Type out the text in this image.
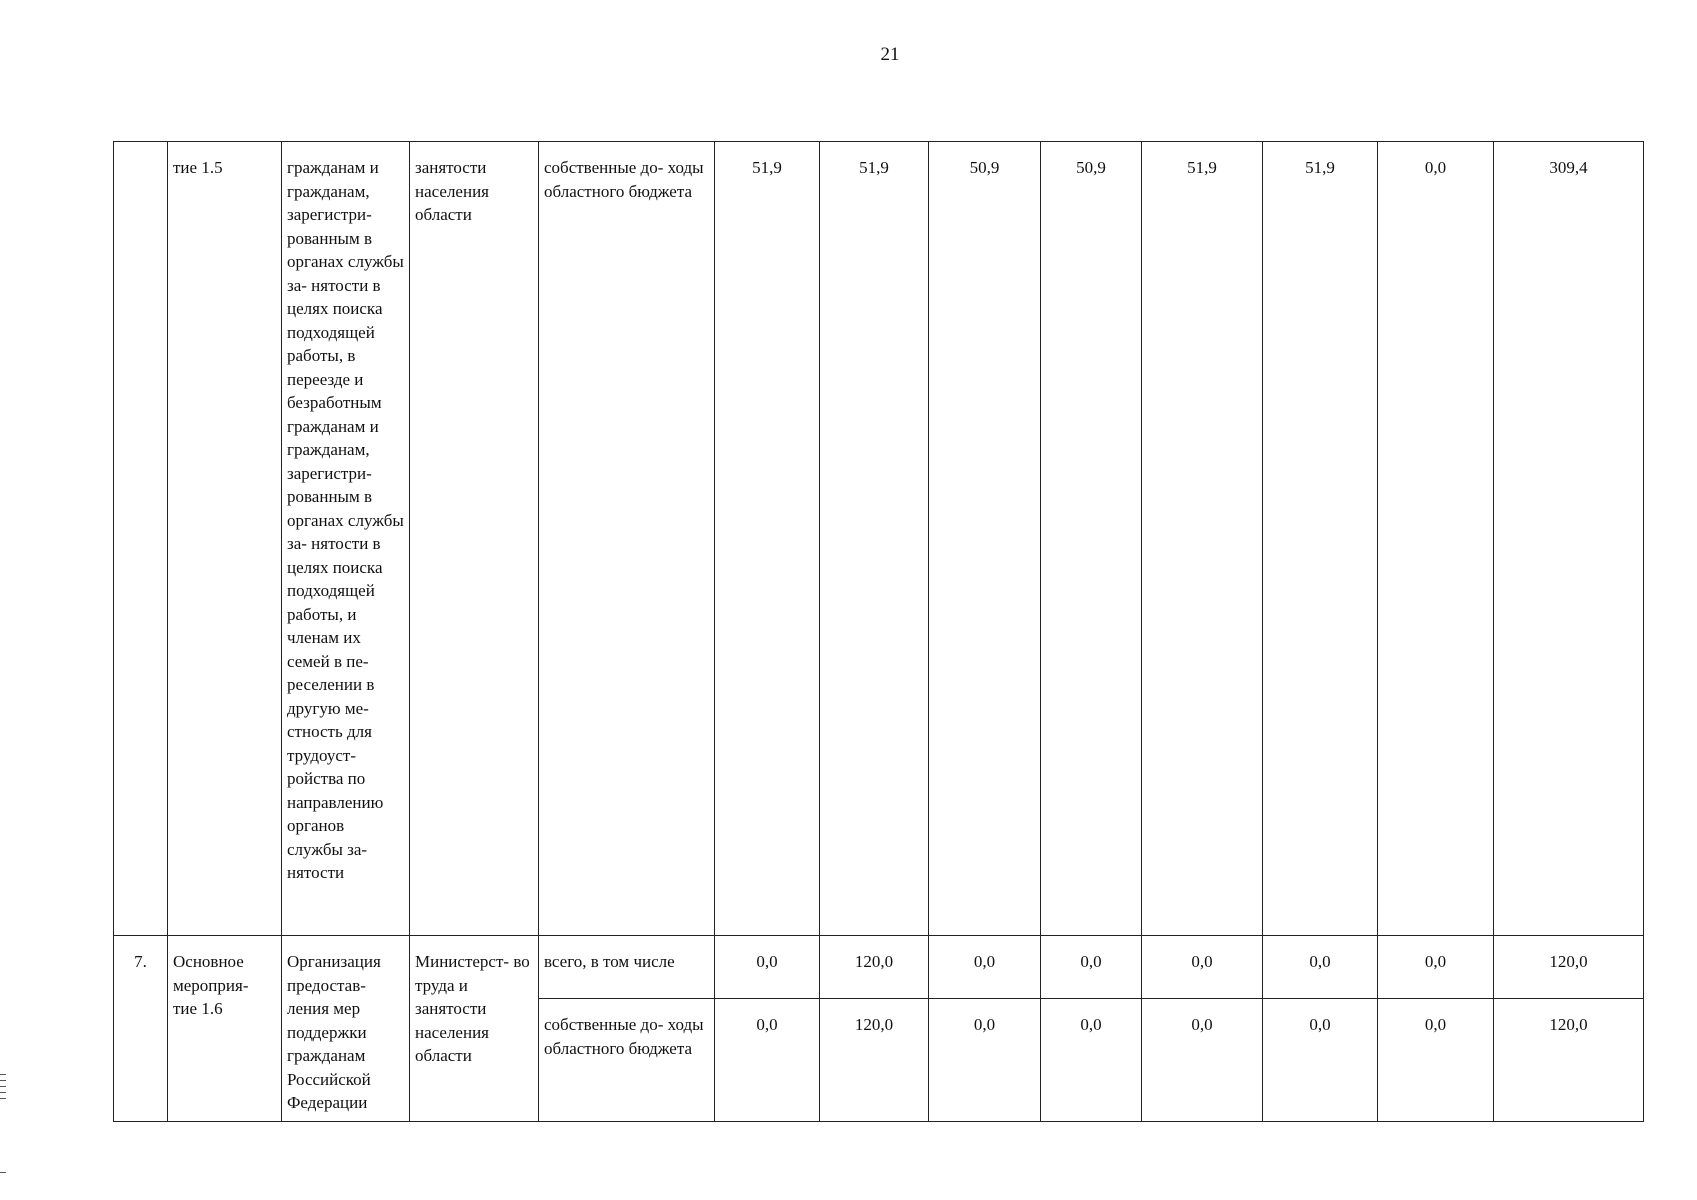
21
	тие 1.5	гражданам и гражданам, зарегистри- рованным в органах службы за- нятости в целях поиска подходящей работы, в переезде и безработным гражданам и гражданам, зарегистри- рованным в органах службы за- нятости в целях поиска подходящей работы, и членам их семей в пе- реселении в другую ме- стность для трудоуст- ройства по направлению органов службы за- нятости	занятости населения области	собственные до- ходы областного бюджета	51,9	51,9	50,9	50,9	51,9	51,9	0,0	309,4
7.	Основное мероприя- тие 1.6	Организация предостав- ления мер поддержки гражданам Российской Федерации	Министерст- во труда и занятости населения области	всего, в том числе	0,0	120,0	0,0	0,0	0,0	0,0	0,0	120,0
				собственные до- ходы областного бюджета	0,0	120,0	0,0	0,0	0,0	0,0	0,0	120,0
